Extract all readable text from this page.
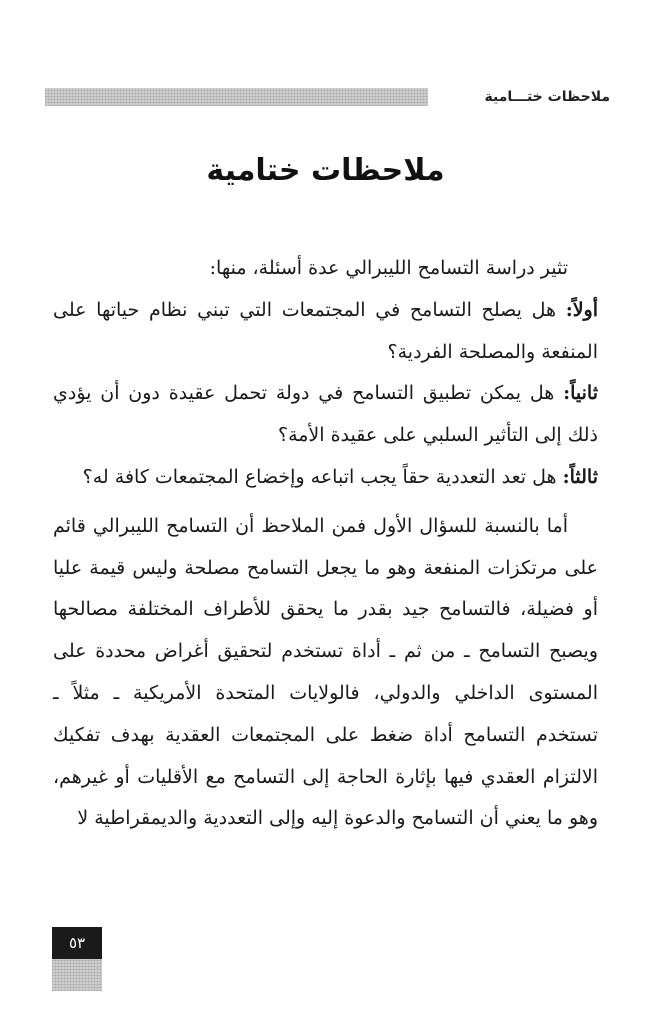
ملاحظات ختـــامية
ملاحظات ختامية

تثير دراسة التسامح الليبرالي عدة أسئلة، منها:

أولاً: هل يصلح التسامح في المجتمعات التي تبني نظام حياتها على المنفعة والمصلحة الفردية؟

ثانياً: هل يمكن تطبيق التسامح في دولة تحمل عقيدة دون أن يؤدي ذلك إلى التأثير السلبي على عقيدة الأمة؟

ثالثاً: هل تعد التعددية حقاً يجب اتباعه وإخضاع المجتمعات كافة له؟

أما بالنسبة للسؤال الأول فمن الملاحظ أن التسامح الليبرالي قائم على مرتكزات المنفعة وهو ما يجعل التسامح مصلحة وليس قيمة عليا أو فضيلة، فالتسامح جيد بقدر ما يحقق للأطراف المختلفة مصالحها ويصبح التسامح ـ من ثم ـ أداة تستخدم لتحقيق أغراض محددة على المستوى الداخلي والدولي، فالولايات المتحدة الأمريكية ـ مثلاً ـ تستخدم التسامح أداة ضغط على المجتمعات العقدية بهدف تفكيك الالتزام العقدي فيها بإثارة الحاجة إلى التسامح مع الأقليات أو غيرهم، وهو ما يعني أن التسامح والدعوة إليه وإلى التعددية والديمقراطية لا

٥٣
